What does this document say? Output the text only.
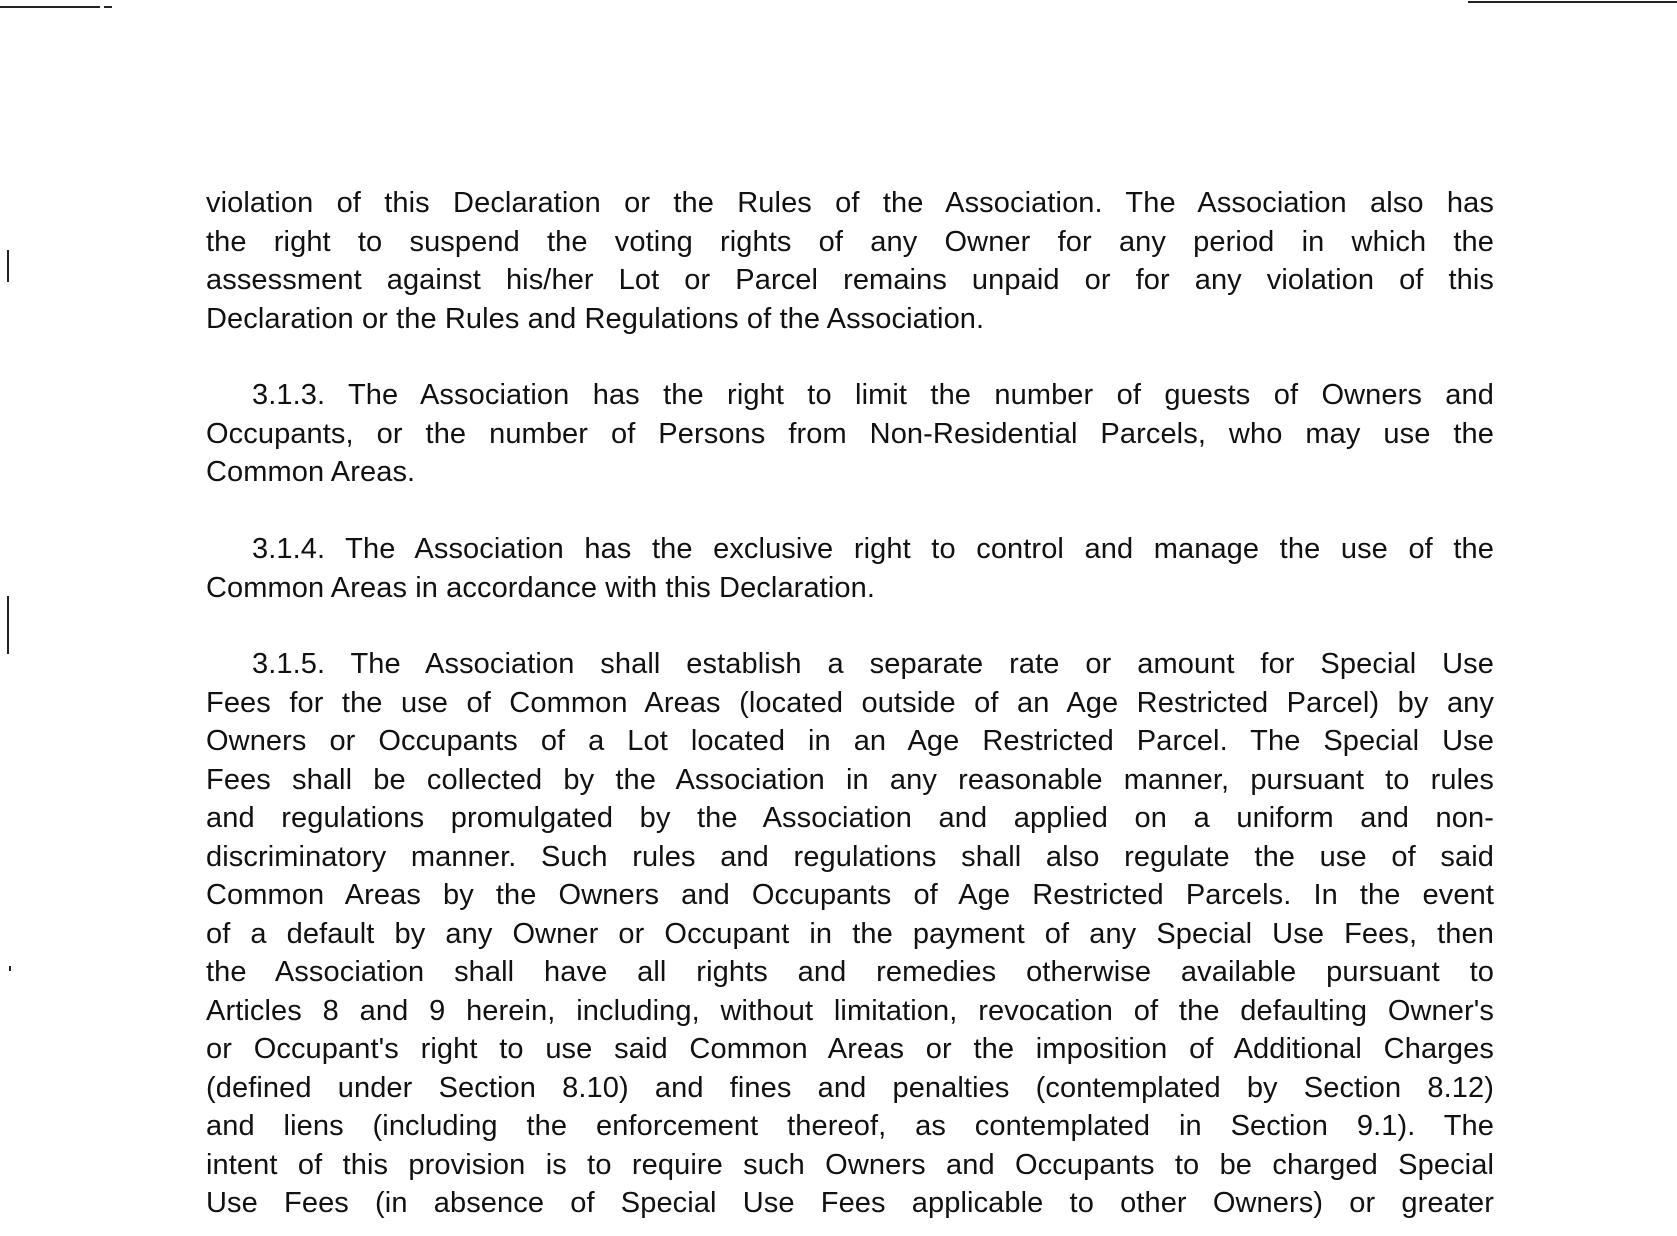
violation of this Declaration or the Rules of the Association. The Association also has
the right to suspend the voting rights of any Owner for any period in which the
assessment against his/her Lot or Parcel remains unpaid or for any violation of this
Declaration or the Rules and Regulations of the Association.
3.1.3. The Association has the right to limit the number of guests of Owners and
Occupants, or the number of Persons from Non-Residential Parcels, who may use the
Common Areas.
3.1.4. The Association has the exclusive right to control and manage the use of the
Common Areas in accordance with this Declaration.
3.1.5. The Association shall establish a separate rate or amount for Special Use
Fees for the use of Common Areas (located outside of an Age Restricted Parcel) by any
Owners or Occupants of a Lot located in an Age Restricted Parcel. The Special Use
Fees shall be collected by the Association in any reasonable manner, pursuant to rules
and regulations promulgated by the Association and applied on a uniform and non-
discriminatory manner. Such rules and regulations shall also regulate the use of said
Common Areas by the Owners and Occupants of Age Restricted Parcels. In the event
of a default by any Owner or Occupant in the payment of any Special Use Fees, then
the Association shall have all rights and remedies otherwise available pursuant to
Articles 8 and 9 herein, including, without limitation, revocation of the defaulting Owner's
or Occupant's right to use said Common Areas or the imposition of Additional Charges
(defined under Section 8.10) and fines and penalties (contemplated by Section 8.12)
and liens (including the enforcement thereof, as contemplated in Section 9.1). The
intent of this provision is to require such Owners and Occupants to be charged Special
Use Fees (in absence of Special Use Fees applicable to other Owners) or greater
